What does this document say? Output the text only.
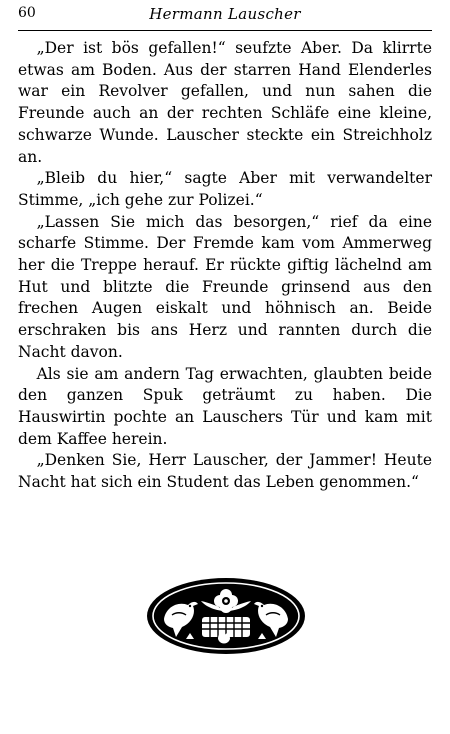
60	Hermann Lauscher

„Der ist bös gefallen!“ seufzte Aber. Da klirrte etwas am Boden. Aus der starren Hand Elenderles war ein Revolver gefallen, und nun sahen die Freunde auch an der rechten Schläfe eine kleine, schwarze Wunde. Lauscher steckte ein Streichholz an.

„Bleib du hier,“ sagte Aber mit verwandelter Stimme, „ich gehe zur Polizei.“

„Lassen Sie mich das besorgen,“ rief da eine scharfe Stimme. Der Fremde kam vom Ammerweg her die Treppe herauf. Er rückte giftig lächelnd am Hut und blitzte die Freunde grinsend aus den frechen Augen eiskalt und höhnisch an. Beide erschraken bis ans Herz und rannten durch die Nacht davon.

Als sie am andern Tag erwachten, glaubten beide den ganzen Spuk geträumt zu haben. Die Hauswirtin pochte an Lauschers Tür und kam mit dem Kaffee herein.

„Denken Sie, Herr Lauscher, der Jammer! Heute Nacht hat sich ein Student das Leben genommen.“
